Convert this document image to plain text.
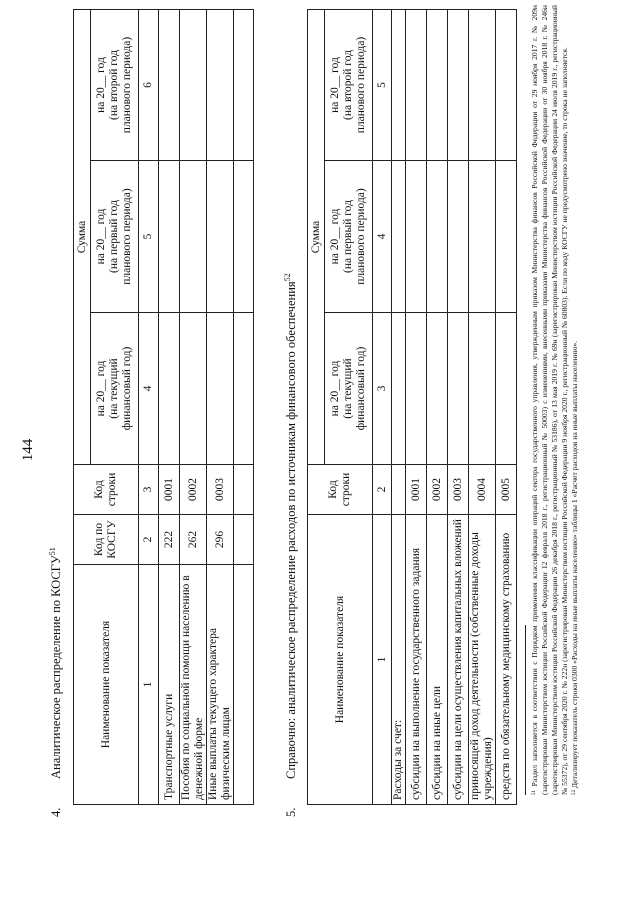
144
4.Аналитическое распределение по КОСГУ$^{51}$
Наименование показателя	Код по КОСГУ	Код строки	Сумма		
			на 20__ год
(на текущий
финансовый год)	на 20__ год
(на первый год
планового периода)	на 20__ год
(на второй год
планового периода)
1	2	3	4	5	6
Транспортные услуги	222	0001			
Пособия по социальной помощи населению в денежной форме	262	0002			
Иные выплаты текущего характера физическим лицам	296	0003			

5.Справочно: аналитическое распределение расходов по источникам финансового обеспечения$^{52}$
Наименование показателя	Код строки	Сумма		
		на 20__ год
(на текущий
финансовый год)	на 20__ год
(на первый год
планового периода)	на 20__ год
(на второй год
планового периода)
1	2	3	4	5
Расходы за счет:				
субсидии на выполнение государственного задания	0001			
субсидии на иные цели	0002			
субсидии на цели осуществления капитальных вложений	0003			
приносящей доход деятельности (собственные доходы учреждения)	0004			
средств по обязательному медицинскому страхованию	0005			⁵¹ Раздел заполняется в соответствии с Порядком применения классификации операций сектора государственного управления, утвержденным приказом Министерства финансов Российской Федерации от 29 ноября 2017 г. № 209н (зарегистрирован Министерством юстиции Российской Федерации 12 февраля 2018 г., регистрационный № 50003) с изменениями, внесенными приказами Министерства финансов Российской Федерации от 30 ноября 2018 г. № 246н (зарегистрирован Министерством юстиции Российской Федерации 26 декабря 2018 г., регистрационный № 53186), от 13 мая 2019 г. № 69н (зарегистрирован Министерством юстиции Российской Федерации 24 июля 2019 г., регистрационный № 55372), от 29 сентября 2020 г. № 222н (зарегистрирован Министерством юстиции Российской Федерации 9 ноября 2020 г., регистрационный № 60803). Если по коду КОСГУ не предусмотрено значение, то строка не заполняется. ⁵² Детализирует показатель строки 0300 «Расходы на иные выплаты населению» таблицы 1 «Расчет расходов на иные выплаты населению».
